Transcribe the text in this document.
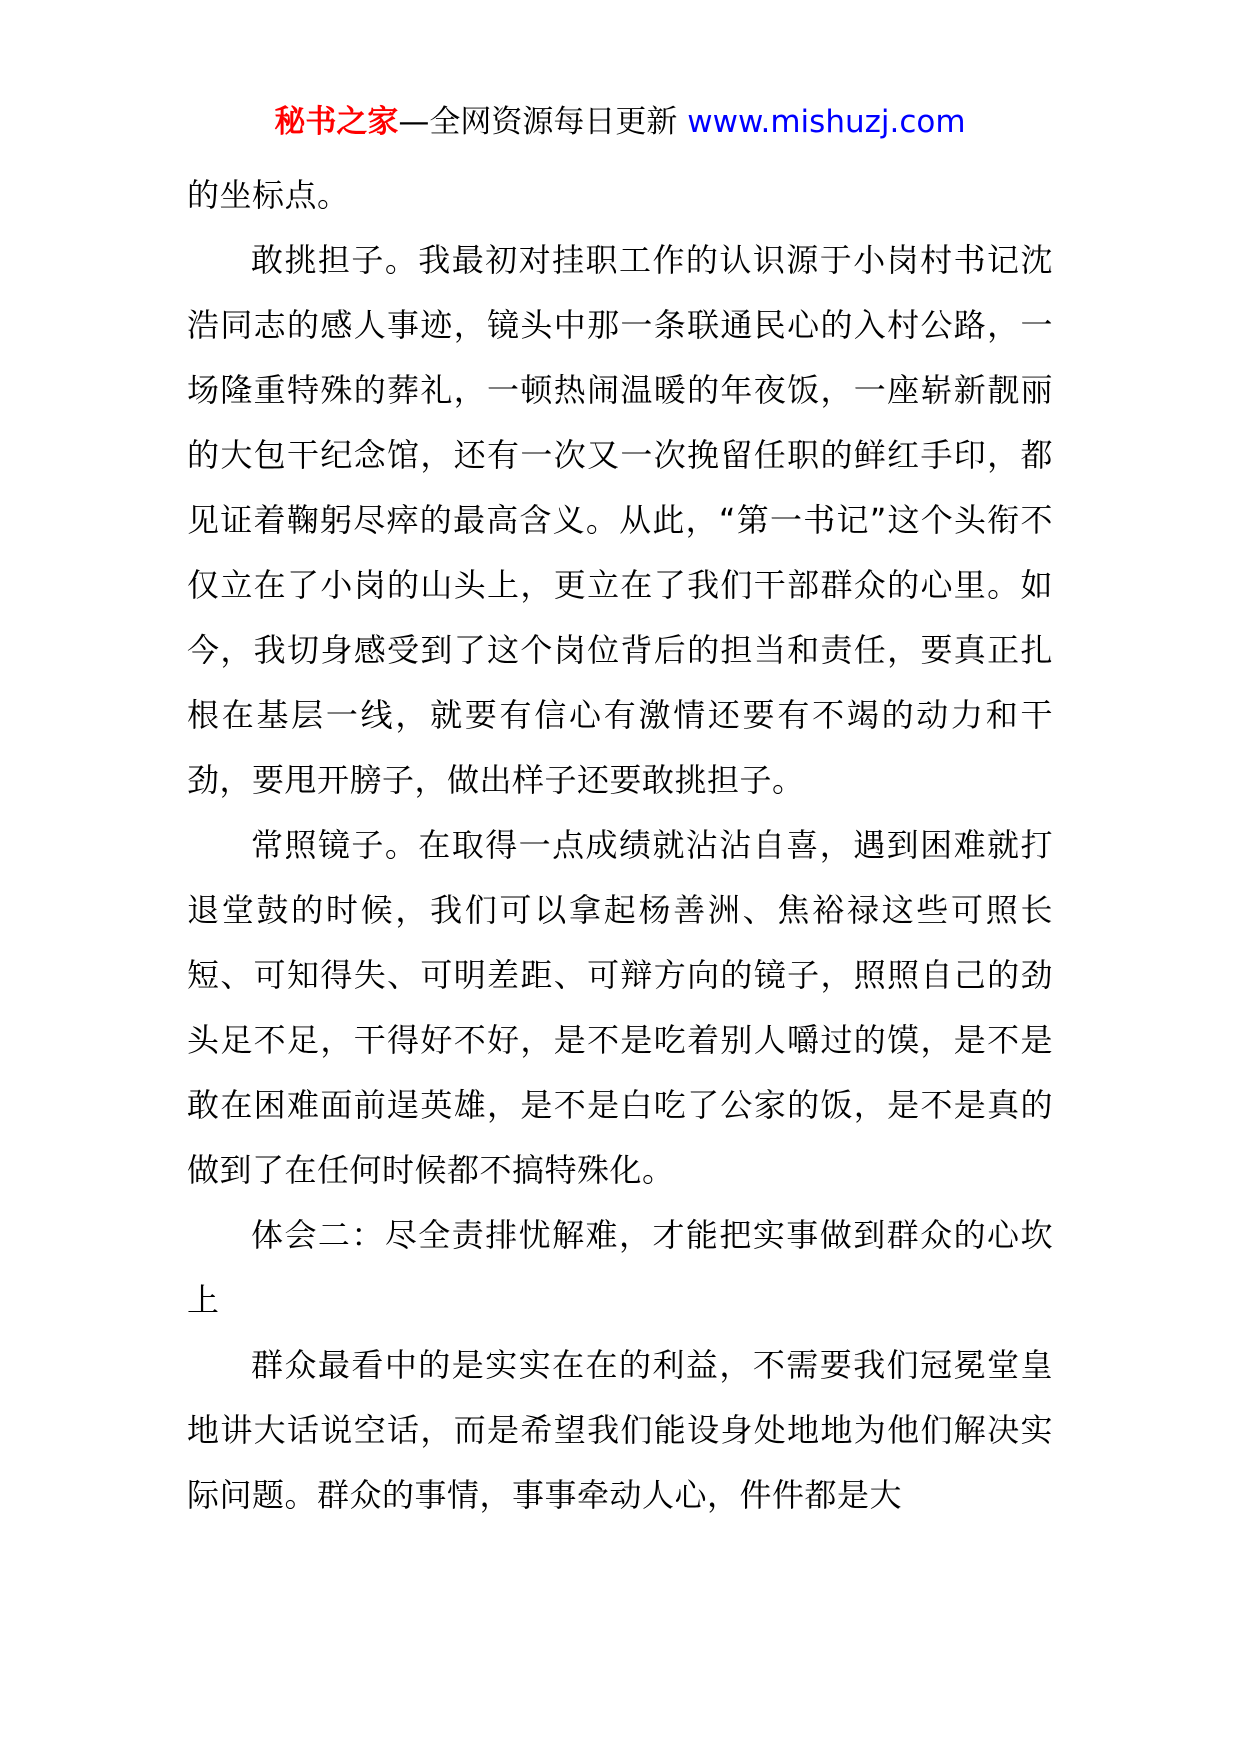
秘书之家—全网资源每日更新 www.mishuzj.com

的坐标点。

敢挑担子。我最初对挂职工作的认识源于小岗村书记沈浩同志的感人事迹，镜头中那一条联通民心的入村公路，一场隆重特殊的葬礼，一顿热闹温暖的年夜饭，一座崭新靓丽的大包干纪念馆，还有一次又一次挽留任职的鲜红手印，都见证着鞠躬尽瘁的最高含义。从此，“第一书记”这个头衔不仅立在了小岗的山头上，更立在了我们干部群众的心里。如今，我切身感受到了这个岗位背后的担当和责任，要真正扎根在基层一线，就要有信心有激情还要有不竭的动力和干劲，要甩开膀子，做出样子还要敢挑担子。

常照镜子。在取得一点成绩就沾沾自喜，遇到困难就打退堂鼓的时候，我们可以拿起杨善洲、焦裕禄这些可照长短、可知得失、可明差距、可辩方向的镜子，照照自己的劲头足不足，干得好不好，是不是吃着别人嚼过的馍，是不是敢在困难面前逞英雄，是不是白吃了公家的饭，是不是真的做到了在任何时候都不搞特殊化。

体会二：尽全责排忧解难，才能把实事做到群众的心坎上

群众最看中的是实实在在的利益，不需要我们冠冕堂皇地讲大话说空话，而是希望我们能设身处地地为他们解决实际问题。群众的事情，事事牵动人心，件件都是大
